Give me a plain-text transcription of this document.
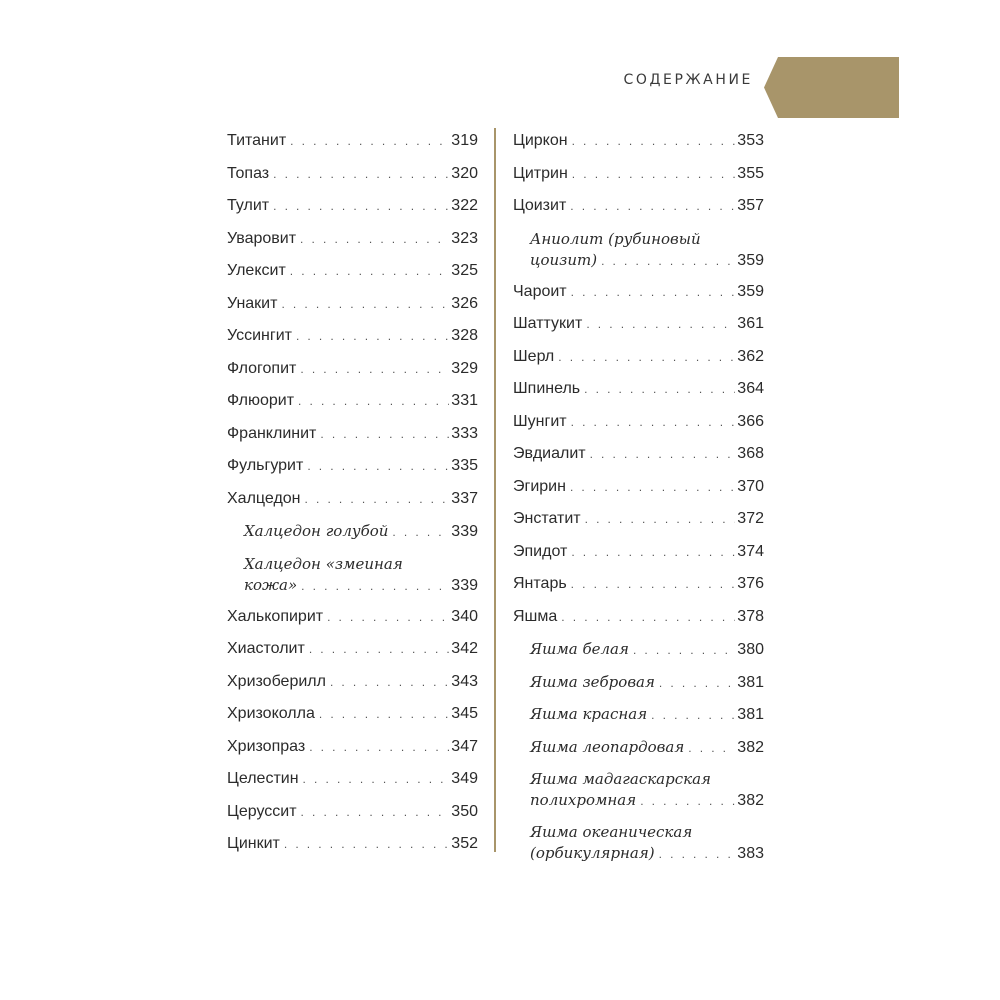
СОДЕРЖАНИЕ
Титанит . . .	319
Топаз . . .	320
Тулит . . .	322
Уваровит . . .	323
Улексит . . .	325
Унакит . . .	326
Уссингит . . .	328
Флогопит . . .	329
Флюорит . . .	331
Франклинит . . .	333
Фульгурит . . .	335
Халцедон . . .	337
Халцедон голубой . . .	339
Халцедон «змеиная
кожа» . . .	339
Халькопирит . . .	340
Хиастолит . . .	342
Хризоберилл . . .	343
Хризоколла . . .	345
Хризопраз . . .	347
Целестин . . .	349
Церуссит . . .	350
Цинкит . . .	352
Циркон . . .	353
Цитрин . . .	355
Цоизит . . .	357
Аниолит (рубиновый
цоизит) . . .	359
Чароит . . .	359
Шаттукит . . .	361
Шерл . . .	362
Шпинель . . .	364
Шунгит . . .	366
Эвдиалит . . .	368
Эгирин . . .	370
Энстатит . . .	372
Эпидот . . .	374
Янтарь . . .	376
Яшма . . .	378
Яшма белая . . .	380
Яшма зебровая . . .	381
Яшма красная . . .	381
Яшма леопардовая . . .	382
Яшма мадагаскарская
полихромная . . .	382
Яшма океаническая
(орбикулярная) . . .	383
